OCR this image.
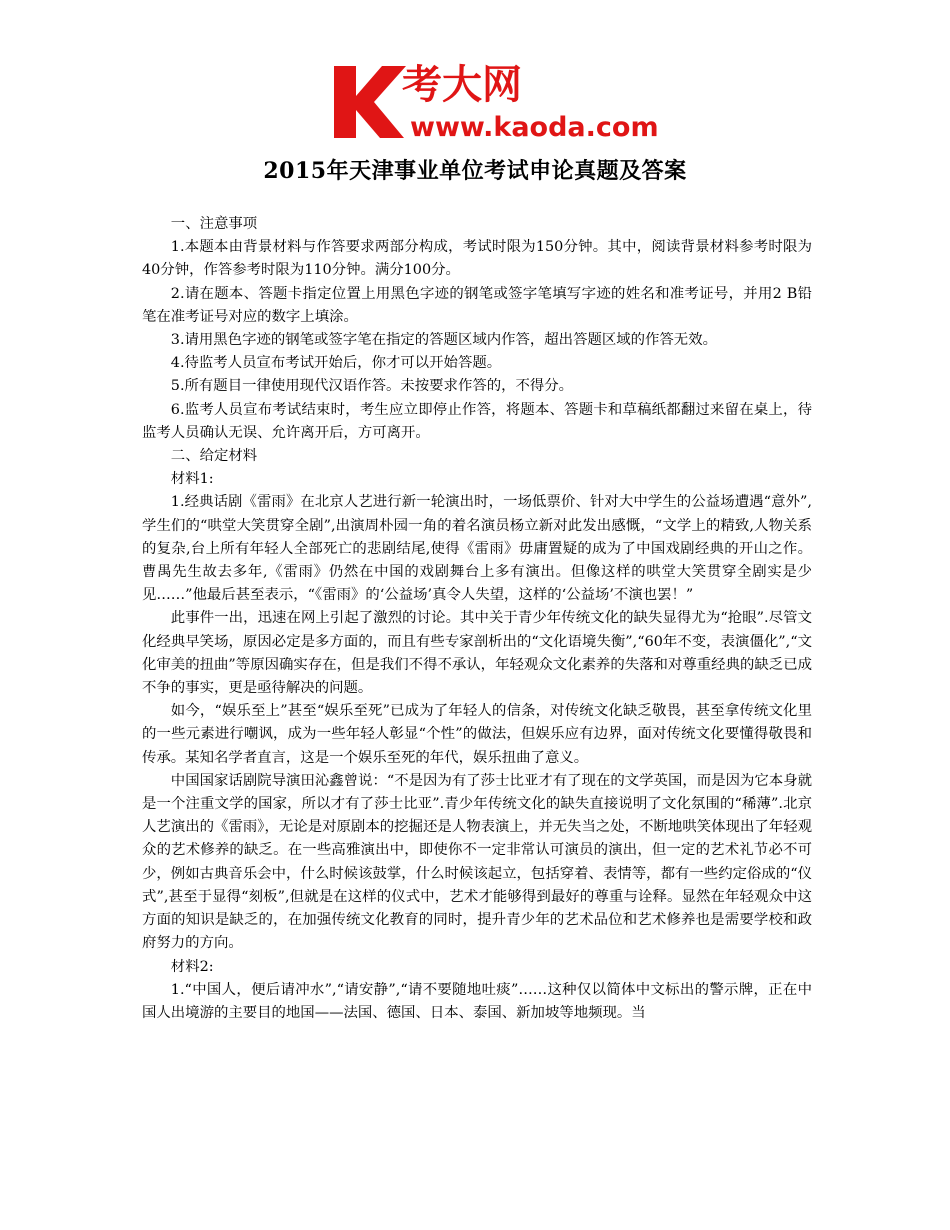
考大网
www.kaoda.com
2015年天津事业单位考试申论真题及答案

一、注意事项

1.本题本由背景材料与作答要求两部分构成，考试时限为150分钟。其中，阅读背景材料参考时限为40分钟，作答参考时限为110分钟。满分100分。

2.请在题本、答题卡指定位置上用黑色字迹的钢笔或签字笔填写字迹的姓名和准考证号，并用2 B铅笔在准考证号对应的数字上填涂。

3.请用黑色字迹的钢笔或签字笔在指定的答题区域内作答，超出答题区域的作答无效。

4.待监考人员宣布考试开始后，你才可以开始答题。

5.所有题目一律使用现代汉语作答。未按要求作答的，不得分。

6.监考人员宣布考试结束时，考生应立即停止作答，将题本、答题卡和草稿纸都翻过来留在桌上，待监考人员确认无误、允许离开后，方可离开。

二、给定材料

材料1:

1.经典话剧《雷雨》在北京人艺进行新一轮演出时，一场低票价、针对大中学生的公益场遭遇“意外”,学生们的“哄堂大笑贯穿全剧”,出演周朴园一角的着名演员杨立新对此发出感慨，“文学上的精致,人物关系的复杂,台上所有年轻人全部死亡的悲剧结尾,使得《雷雨》毋庸置疑的成为了中国戏剧经典的开山之作。曹禺先生故去多年,《雷雨》仍然在中国的戏剧舞台上多有演出。但像这样的哄堂大笑贯穿全剧实是少见……”他最后甚至表示，“《雷雨》的‘公益场’真令人失望，这样的‘公益场’不演也罢！”

此事件一出，迅速在网上引起了激烈的讨论。其中关于青少年传统文化的缺失显得尤为“抢眼”.尽管文化经典早笑场，原因必定是多方面的，而且有些专家剖析出的“文化语境失衡”,“60年不变，表演僵化”,“文化审美的扭曲”等原因确实存在，但是我们不得不承认，年轻观众文化素养的失落和对尊重经典的缺乏已成不争的事实，更是亟待解决的问题。

如今，“娱乐至上”甚至“娱乐至死”已成为了年轻人的信条，对传统文化缺乏敬畏，甚至拿传统文化里的一些元素进行嘲讽，成为一些年轻人彰显“个性”的做法，但娱乐应有边界，面对传统文化要懂得敬畏和传承。某知名学者直言，这是一个娱乐至死的年代，娱乐扭曲了意义。

中国国家话剧院导演田沁鑫曾说：“不是因为有了莎士比亚才有了现在的文学英国，而是因为它本身就是一个注重文学的国家，所以才有了莎士比亚”.青少年传统文化的缺失直接说明了文化氛围的“稀薄”.北京人艺演出的《雷雨》，无论是对原剧本的挖掘还是人物表演上，并无失当之处，不断地哄笑体现出了年轻观众的艺术修养的缺乏。在一些高雅演出中，即使你不一定非常认可演员的演出，但一定的艺术礼节必不可少，例如古典音乐会中，什么时候该鼓掌，什么时候该起立，包括穿着、表情等，都有一些约定俗成的“仪式”,甚至于显得“刻板”,但就是在这样的仪式中，艺术才能够得到最好的尊重与诠释。显然在年轻观众中这方面的知识是缺乏的，在加强传统文化教育的同时，提升青少年的艺术品位和艺术修养也是需要学校和政府努力的方向。

材料2:

1.“中国人，便后请冲水”,“请安静”,“请不要随地吐痰”……这种仅以简体中文标出的警示牌，正在中国人出境游的主要目的地国——法国、德国、日本、泰国、新加坡等地频现。当
